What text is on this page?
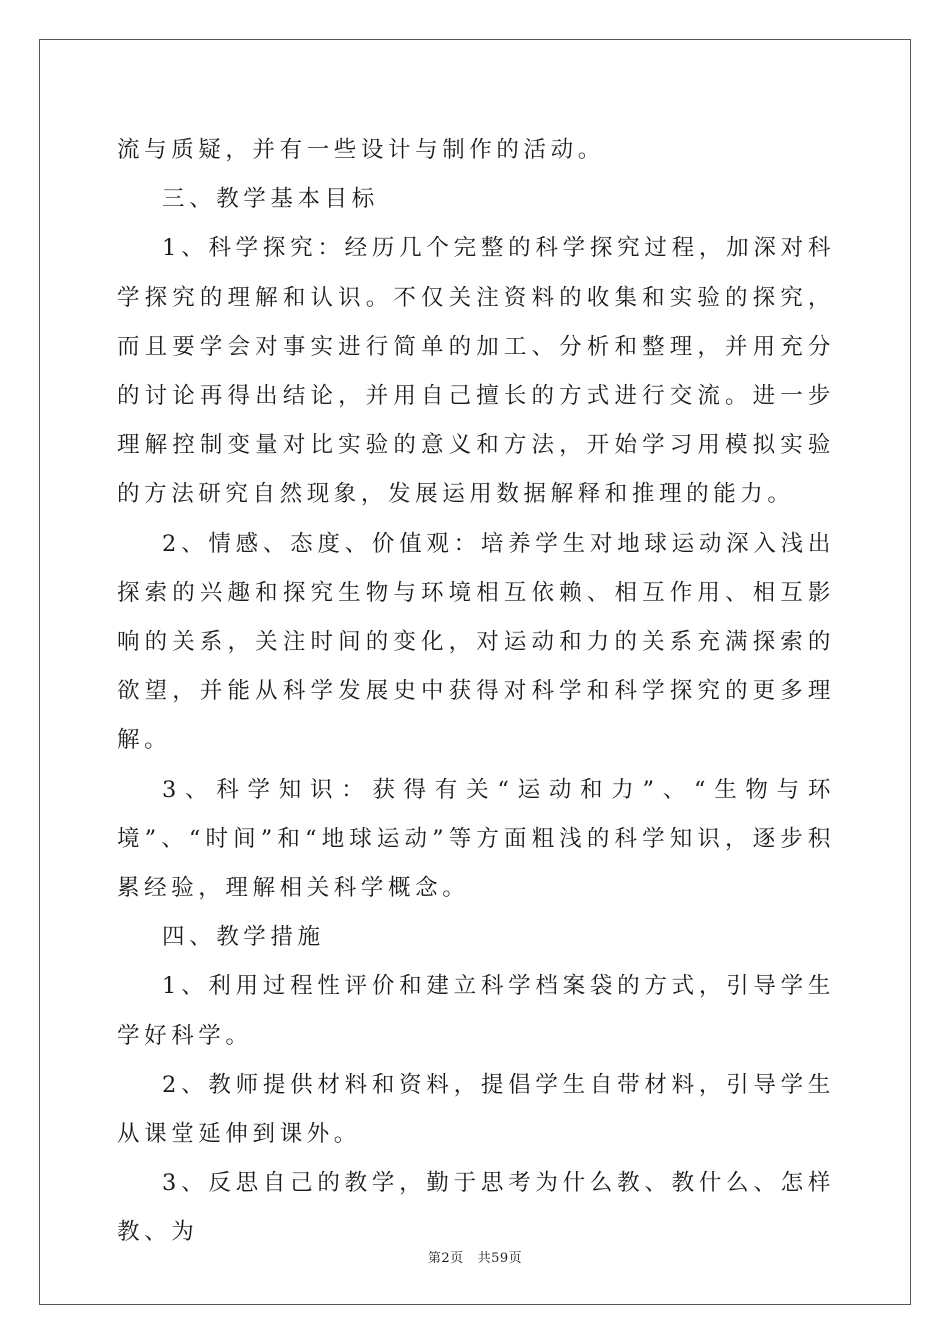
流与质疑，并有一些设计与制作的活动。

三、教学基本目标

1、科学探究：经历几个完整的科学探究过程，加深对科学探究的理解和认识。不仅关注资料的收集和实验的探究，而且要学会对事实进行简单的加工、分析和整理，并用充分的讨论再得出结论，并用自己擅长的方式进行交流。进一步理解控制变量对比实验的意义和方法，开始学习用模拟实验的方法研究自然现象，发展运用数据解释和推理的能力。

2、情感、态度、价值观：培养学生对地球运动深入浅出探索的兴趣和探究生物与环境相互依赖、相互作用、相互影响的关系，关注时间的变化，对运动和力的关系充满探索的欲望，并能从科学发展史中获得对科学和科学探究的更多理解。

3、科学知识：获得有关“运动和力”、“生物与环境”、“时间”和“地球运动”等方面粗浅的科学知识，逐步积累经验，理解相关科学概念。

四、教学措施

1、利用过程性评价和建立科学档案袋的方式，引导学生学好科学。

2、教师提供材料和资料，提倡学生自带材料，引导学生从课堂延伸到课外。

3、反思自己的教学，勤于思考为什么教、教什么、怎样教、为

第2页 共59页
